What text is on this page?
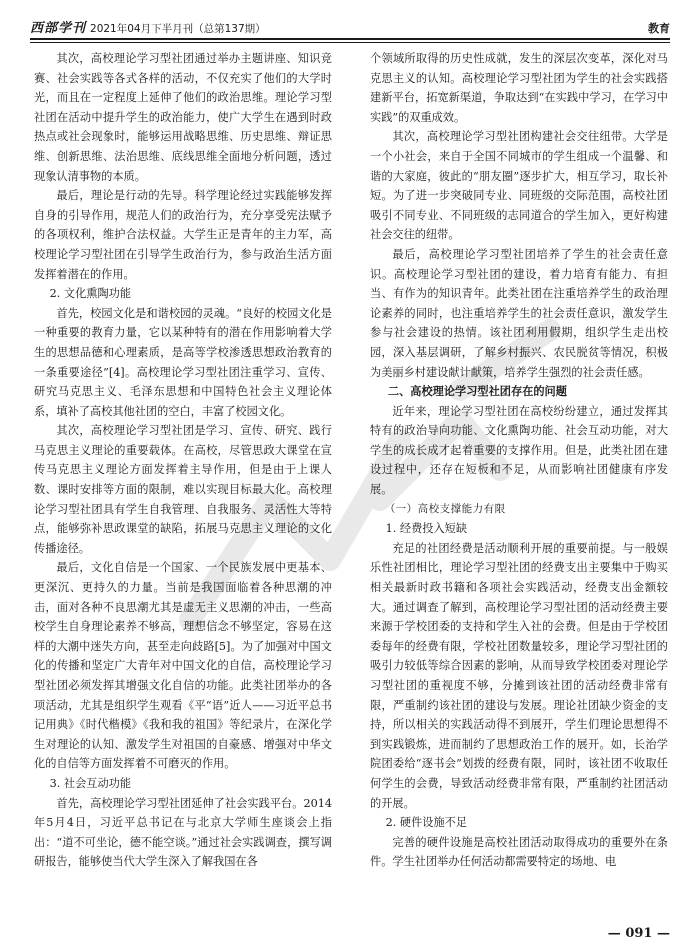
西部学刊 2021年04月下半月刊（总第137期）	教育

其次，高校理论学习型社团通过举办主题讲座、知识竞赛、社会实践等各式各样的活动，不仅充实了他们的大学时光，而且在一定程度上延伸了他们的政治思维。理论学习型社团在活动中提升学生的政治能力，使广大学生在遇到时政热点或社会现象时，能够运用战略思维、历史思维、辩证思维、创新思维、法治思维、底线思维全面地分析问题，透过现象认清事物的本质。

最后，理论是行动的先导。科学理论经过实践能够发挥自身的引导作用，规范人们的政治行为，充分享受宪法赋予的各项权利，维护合法权益。大学生正是青年的主力军，高校理论学习型社团在引导学生政治行为，参与政治生活方面发挥着潜在的作用。

2. 文化熏陶功能

首先，校园文化是和谐校园的灵魂。“良好的校园文化是一种重要的教育力量，它以某种特有的潜在作用影响着大学生的思想品德和心理素质，是高等学校渗透思想政治教育的一条重要途径”[4]。高校理论学习型社团注重学习、宣传、研究马克思主义、毛泽东思想和中国特色社会主义理论体系，填补了高校其他社团的空白，丰富了校园文化。

其次，高校理论学习型社团是学习、宣传、研究、践行马克思主义理论的重要载体。在高校，尽管思政大课堂在宣传马克思主义理论方面发挥着主导作用，但是由于上课人数、课时安排等方面的限制，难以实现目标最大化。高校理论学习型社团具有学生自我管理、自我服务、灵活性大等特点，能够弥补思政课堂的缺陷，拓展马克思主义理论的文化传播途径。

最后，文化自信是一个国家、一个民族发展中更基本、更深沉、更持久的力量。当前是我国面临着各种思潮的冲击，面对各种不良思潮尤其是虚无主义思潮的冲击，一些高校学生自身理论素养不够高，理想信念不够坚定，容易在这样的大潮中迷失方向，甚至走向歧路[5]。为了加强对中国文化的传播和坚定广大青年对中国文化的自信，高校理论学习型社团必须发挥其增强文化自信的功能。此类社团举办的各项活动，尤其是组织学生观看《平“语”近人——习近平总书记用典》《时代楷模》《我和我的祖国》等纪录片，在深化学生对理论的认知、激发学生对祖国的自豪感、增强对中华文化的自信等方面发挥着不可磨灭的作用。

3. 社会互动功能

首先，高校理论学习型社团延伸了社会实践平台。2014年5月4日，习近平总书记在与北京大学师生座谈会上指出：“道不可坐论，德不能空谈。”通过社会实践调查，撰写调研报告，能够使当代大学生深入了解我国在各

个领域所取得的历史性成就，发生的深层次变革，深化对马克思主义的认知。高校理论学习型社团为学生的社会实践搭建新平台，拓宽新渠道，争取达到“在实践中学习，在学习中实践”的双重成效。

其次，高校理论学习型社团构建社会交往纽带。大学是一个小社会，来自于全国不同城市的学生组成一个温馨、和谐的大家庭，彼此的“朋友圈”逐步扩大，相互学习，取长补短。为了进一步突破同专业、同班级的交际范围，高校社团吸引不同专业、不同班级的志同道合的学生加入，更好构建社会交往的纽带。

最后，高校理论学习型社团培养了学生的社会责任意识。高校理论学习型社团的建设，着力培育有能力、有担当、有作为的知识青年。此类社团在注重培养学生的政治理论素养的同时，也注重培养学生的社会责任意识，激发学生参与社会建设的热情。该社团利用假期，组织学生走出校园，深入基层调研，了解乡村振兴、农民脱贫等情况，积极为美丽乡村建设献计献策，培养学生强烈的社会责任感。

二、高校理论学习型社团存在的问题

近年来，理论学习型社团在高校纷纷建立，通过发挥其特有的政治导向功能、文化熏陶功能、社会互动功能，对大学生的成长成才起着重要的支撑作用。但是，此类社团在建设过程中，还存在短板和不足，从而影响社团健康有序发展。

（一）高校支撑能力有限

1. 经费投入短缺

充足的社团经费是活动顺利开展的重要前提。与一般娱乐性社团相比，理论学习型社团的经费支出主要集中于购买相关最新时政书籍和各项社会实践活动，经费支出金额较大。通过调查了解到，高校理论学习型社团的活动经费主要来源于学校团委的支持和学生入社的会费。但是由于学校团委每年的经费有限，学校社团数量较多，理论学习型社团的吸引力较低等综合因素的影响，从而导致学校团委对理论学习型社团的重视度不够，分摊到该社团的活动经费非常有限，严重制约该社团的建设与发展。理论社团缺少资金的支持，所以相关的实践活动得不到展开，学生们理论思想得不到实践锻炼，进而制约了思想政治工作的展开。如，长治学院团委给“逐书会”划拨的经费有限，同时，该社团不收取任何学生的会费，导致活动经费非常有限，严重制约社团活动的开展。

2. 硬件设施不足

完善的硬件设施是高校社团活动取得成功的重要外在条件。学生社团举办任何活动都需要特定的场地、电

— 091 —
